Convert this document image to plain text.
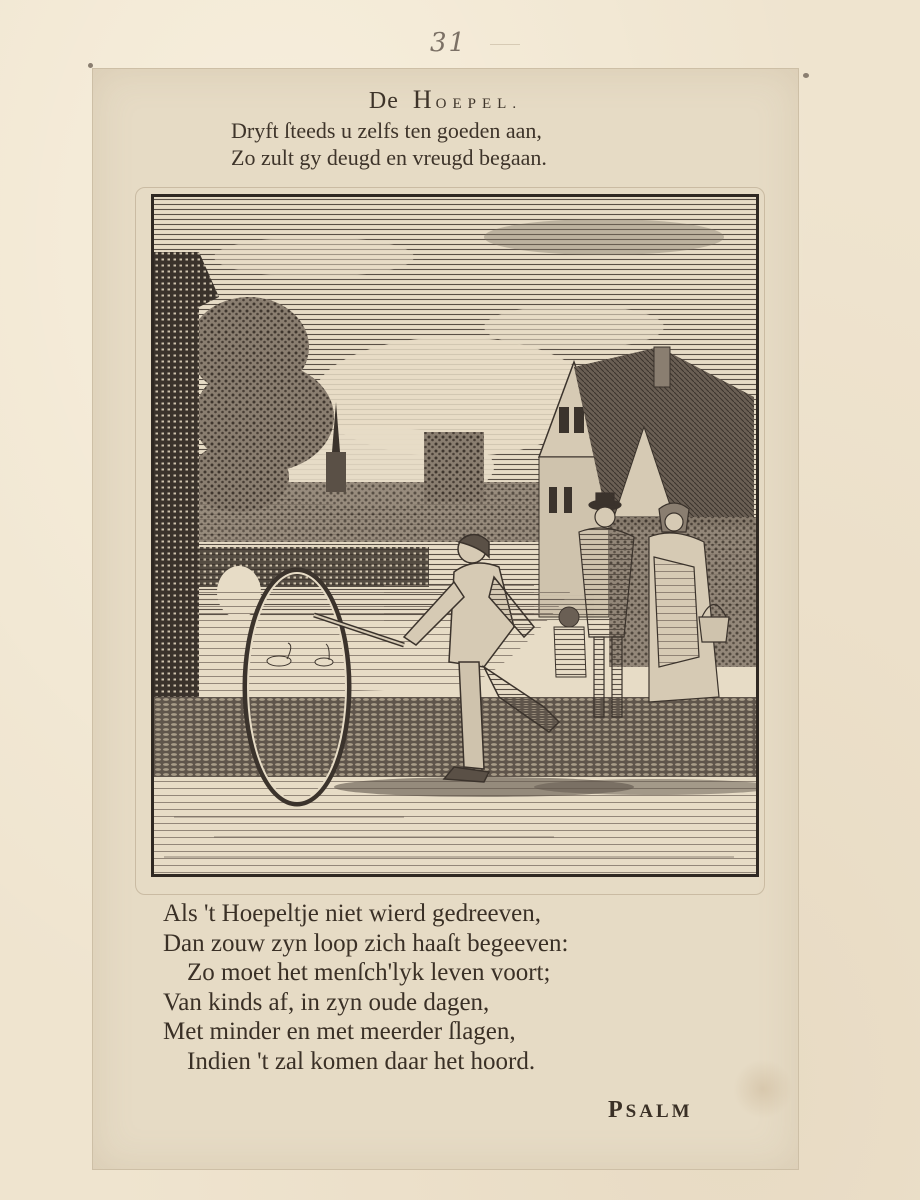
31
De HOEPEL.
Dryft ſteeds u zelfs ten goeden aan,
Zo zult gy deugd en vreugd begaan.
Als 't Hoepeltje niet wierd gedreeven,
Dan zouw zyn loop zich haaſt begeeven:
Zo moet het menſch'lyk leven voort;
Van kinds af, in zyn oude dagen,
Met minder en met meerder ſlagen,
Indien 't zal komen daar het hoord.
PSALM
